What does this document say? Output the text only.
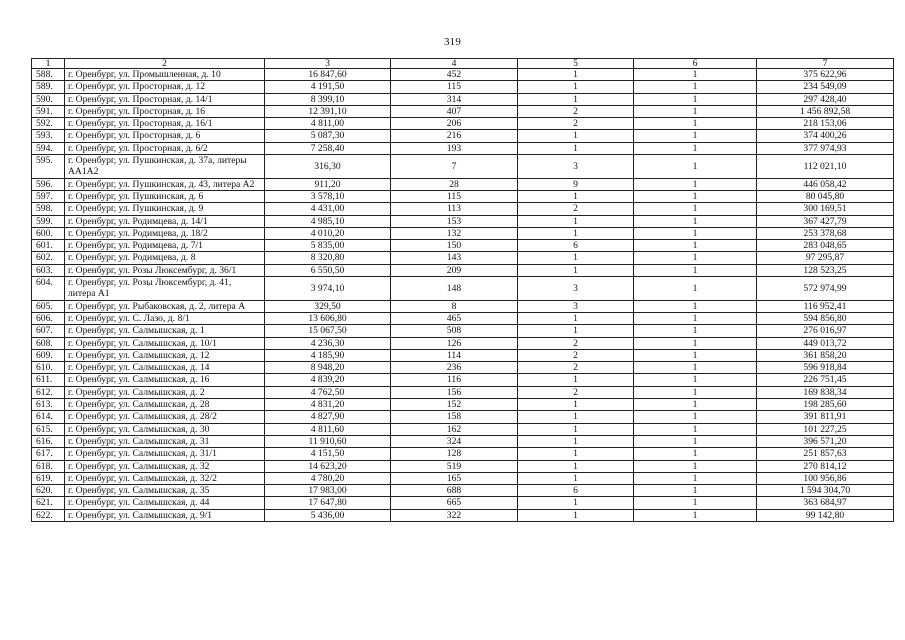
319
1	2	3	4	5	6	7
588.	г. Оренбург, ул. Промышленная, д. 10	16 847,60	452	1	1	375 622,96
589.	г. Оренбург, ул. Просторная, д. 12	4 191,50	115	1	1	234 549,09
590.	г. Оренбург, ул. Просторная, д. 14/1	8 399,10	314	1	1	297 428,40
591.	г. Оренбург, ул. Просторная, д. 16	12 391,10	407	2	1	1 456 892,58
592.	г. Оренбург, ул. Просторная, д. 16/1	4 811,00	206	2	1	218 153,06
593.	г. Оренбург, ул. Просторная, д. 6	5 087,30	216	1	1	374 400,26
594.	г. Оренбург, ул. Просторная, д. 6/2	7 258,40	193	1	1	377 974,93
595.	г. Оренбург, ул. Пушкинская, д. 37а, литеры АА1А2	316,30	7	3	1	112 021,10
596.	г. Оренбург, ул. Пушкинская, д. 43, литера А2	911,20	28	9	1	446 058,42
597.	г. Оренбург, ул. Пушкинская, д. 6	3 578,10	115	1	1	80 045,80
598.	г. Оренбург, ул. Пушкинская, д. 9	4 431,00	113	2	1	300 169,51
599.	г. Оренбург, ул. Родимцева, д. 14/1	4 985,10	153	1	1	367 427,79
600.	г. Оренбург, ул. Родимцева, д. 18/2	4 010,20	132	1	1	253 378,68
601.	г. Оренбург, ул. Родимцева, д. 7/1	5 835,00	150	6	1	283 048,65
602.	г. Оренбург, ул. Родимцева, д. 8	8 320,80	143	1	1	97 295,87
603.	г. Оренбург, ул. Розы Люксембург, д. 36/1	6 550,50	209	1	1	128 523,25
604.	г. Оренбург, ул. Розы Люксембург, д. 41, литера А1	3 974,10	148	3	1	572 974,99
605.	г. Оренбург, ул. Рыбаковская, д. 2, литера А	329,50	8	3	1	116 952,41
606.	г. Оренбург, ул. С. Лазо, д. 8/1	13 606,80	465	1	1	594 856,80
607.	г. Оренбург, ул. Салмышская, д. 1	15 067,50	508	1	1	276 016,97
608.	г. Оренбург, ул. Салмышская, д. 10/1	4 236,30	126	2	1	449 013,72
609.	г. Оренбург, ул. Салмышская, д. 12	4 185,90	114	2	1	361 858,20
610.	г. Оренбург, ул. Салмышская, д. 14	8 948,20	236	2	1	596 918,84
611.	г. Оренбург, ул. Салмышская, д. 16	4 839,20	116	1	1	226 751,45
612.	г. Оренбург, ул. Салмышская, д. 2	4 762,50	156	2	1	169 838,34
613.	г. Оренбург, ул. Салмышская, д. 28	4 831,20	152	1	1	198 285,60
614.	г. Оренбург, ул. Салмышская, д. 28/2	4 827,90	158	1	1	391 811,91
615.	г. Оренбург, ул. Салмышская, д. 30	4 811,60	162	1	1	101 227,25
616.	г. Оренбург, ул. Салмышская, д. 31	11 910,60	324	1	1	396 571,20
617.	г. Оренбург, ул. Салмышская, д. 31/1	4 151,50	128	1	1	251 857,63
618.	г. Оренбург, ул. Салмышская, д. 32	14 623,20	519	1	1	270 814,12
619.	г. Оренбург, ул. Салмышская, д. 32/2	4 780,20	165	1	1	100 956,86
620.	г. Оренбург, ул. Салмышская, д. 35	17 983,00	688	6	1	1 594 304,70
621.	г. Оренбург, ул. Салмышская, д. 44	17 647,80	665	1	1	363 684,97
622.	г. Оренбург, ул. Салмышская, д. 9/1	5 436,00	322	1	1	99 142,80
